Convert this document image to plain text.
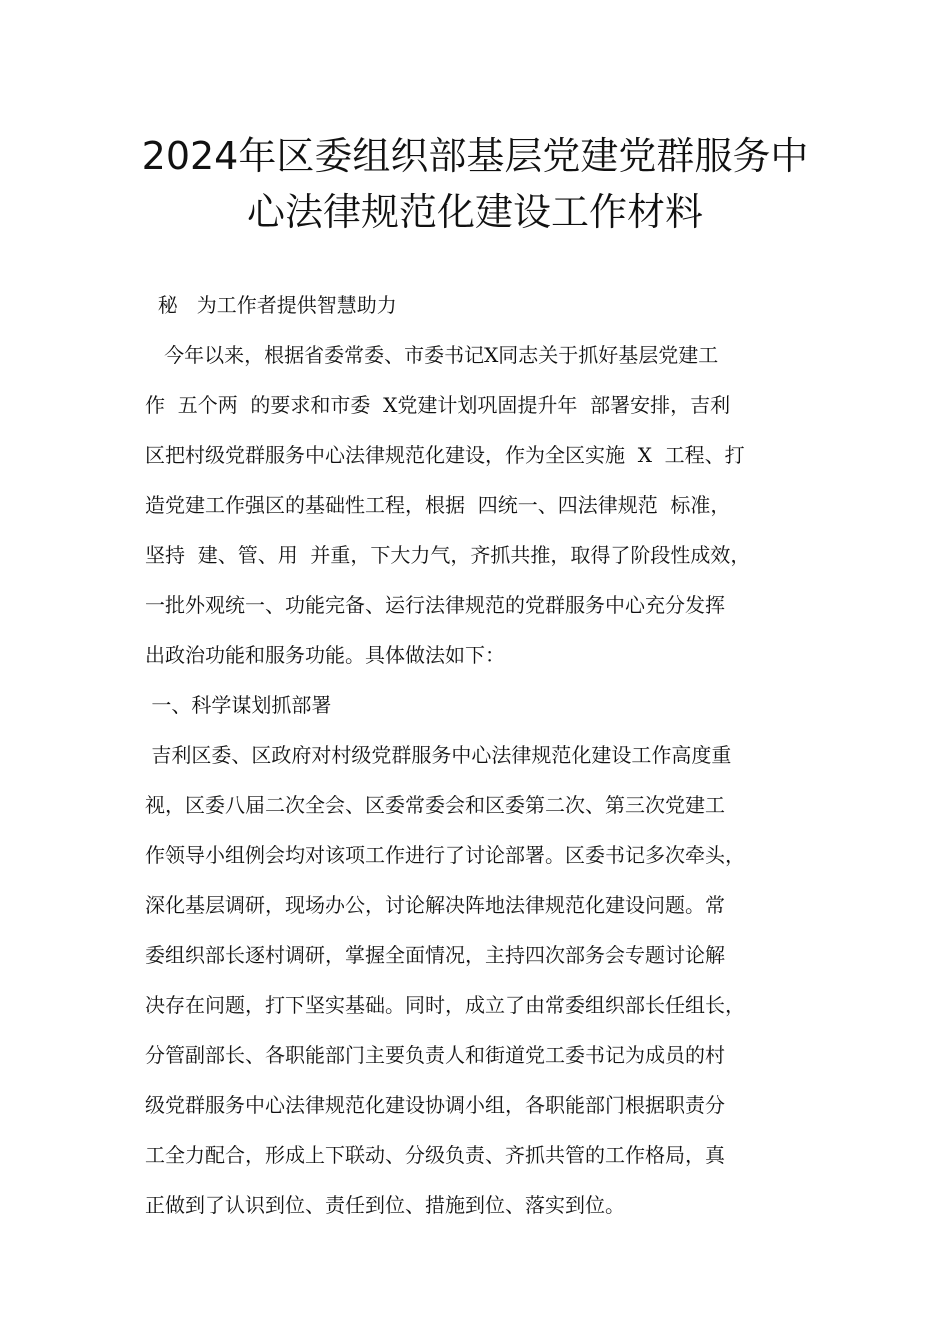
2024年区委组织部基层党建党群服务中
心法律规范化建设工作材料
秘   为工作者提供智慧助力
今年以来，根据省委常委、市委书记X同志关于抓好基层党建工
作  五个两  的要求和市委  X党建计划巩固提升年  部署安排，吉利
区把村级党群服务中心法律规范化建设，作为全区实施  X  工程、打
造党建工作强区的基础性工程，根据  四统一、四法律规范  标准，
坚持  建、管、用  并重，下大力气，齐抓共推，取得了阶段性成效，
一批外观统一、功能完备、运行法律规范的党群服务中心充分发挥
出政治功能和服务功能。具体做法如下：
一、科学谋划抓部署
吉利区委、区政府对村级党群服务中心法律规范化建设工作高度重
视，区委八届二次全会、区委常委会和区委第二次、第三次党建工
作领导小组例会均对该项工作进行了讨论部署。区委书记多次牵头，
深化基层调研，现场办公，讨论解决阵地法律规范化建设问题。常
委组织部长逐村调研，掌握全面情况，主持四次部务会专题讨论解
决存在问题，打下坚实基础。同时，成立了由常委组织部长任组长，
分管副部长、各职能部门主要负责人和街道党工委书记为成员的村
级党群服务中心法律规范化建设协调小组，各职能部门根据职责分
工全力配合，形成上下联动、分级负责、齐抓共管的工作格局，真
正做到了认识到位、责任到位、措施到位、落实到位。
